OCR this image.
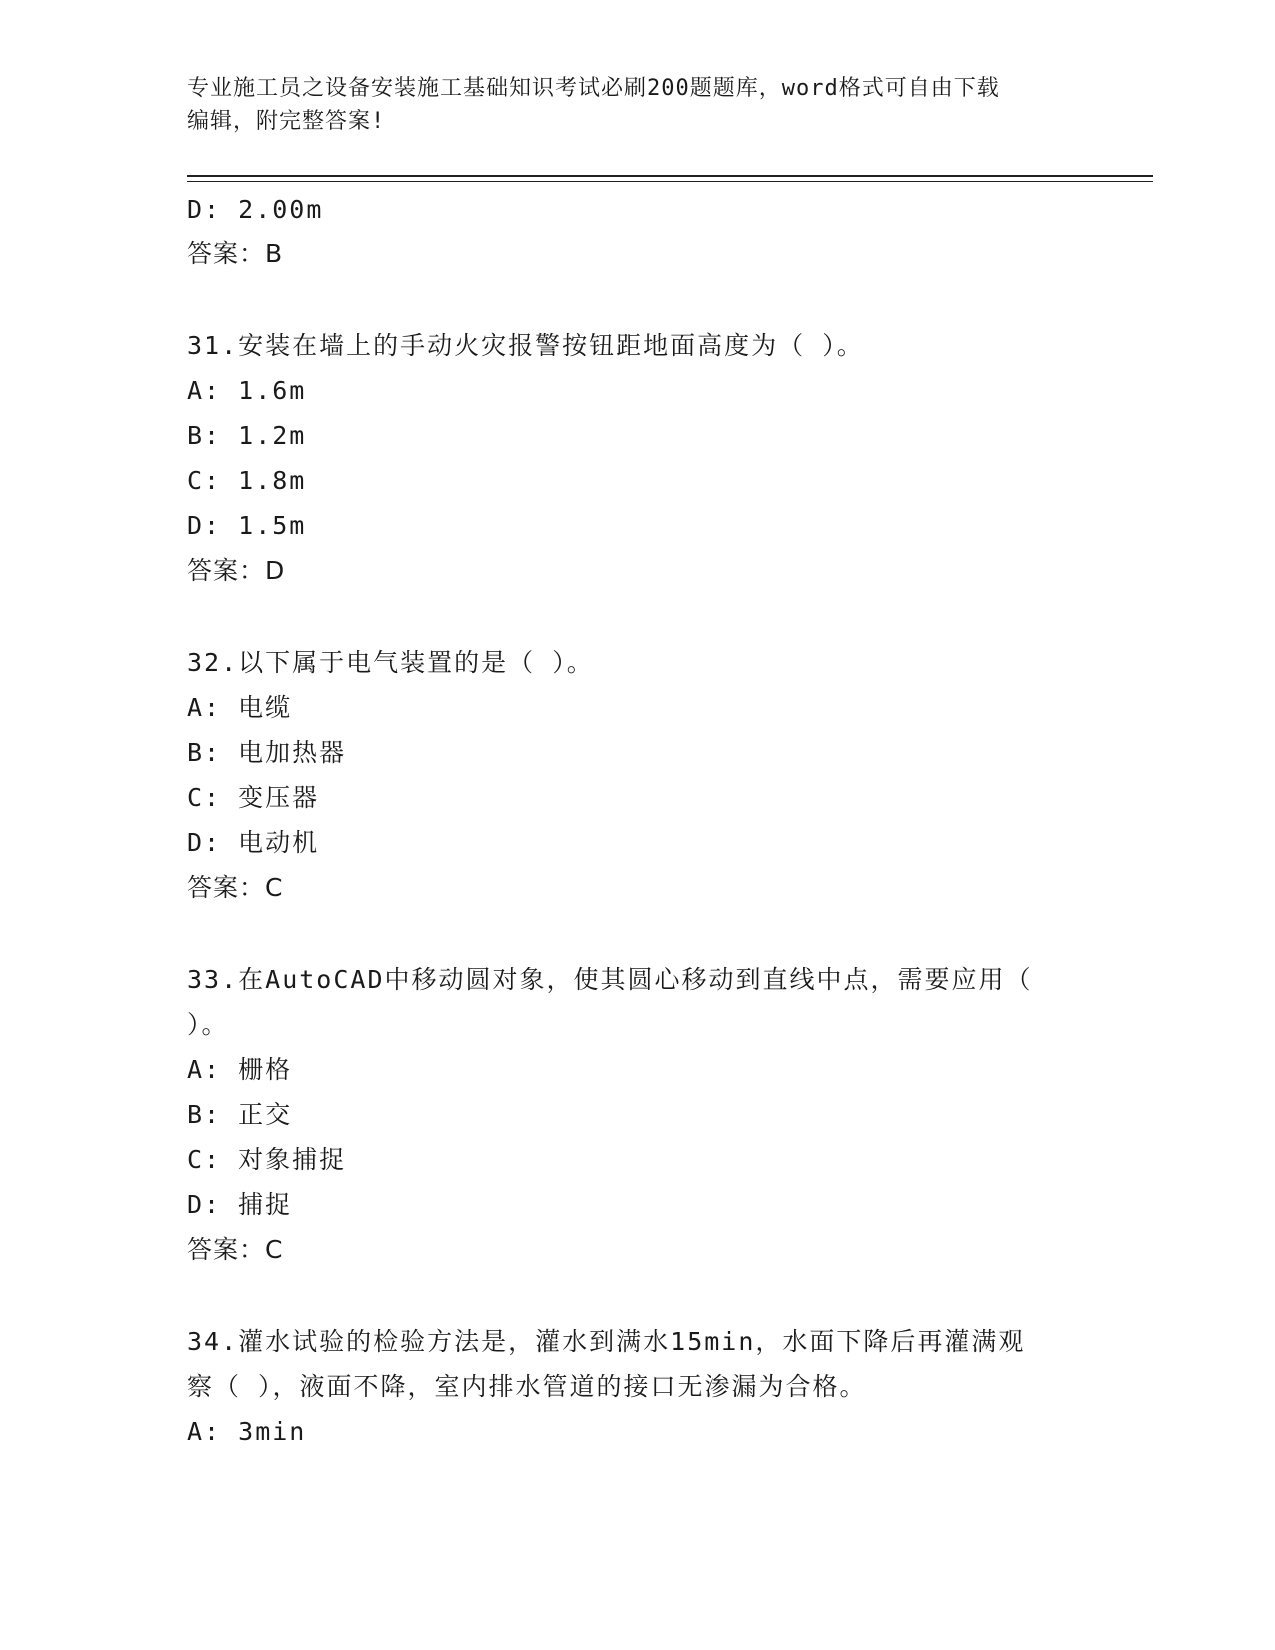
专业施工员之设备安装施工基础知识考试必刷200题题库，word格式可自由下载
编辑，附完整答案!
D: 2.00m
答案：B
31.安装在墙上的手动火灾报警按钮距地面高度为（ ）。
A: 1.6m
B: 1.2m
C: 1.8m
D: 1.5m
答案：D
32.以下属于电气装置的是（ ）。
A: 电缆
B: 电加热器
C: 变压器
D: 电动机
答案：C
33.在AutoCAD中移动圆对象，使其圆心移动到直线中点，需要应用（
）。
A: 栅格
B: 正交
C: 对象捕捉
D: 捕捉
答案：C
34.灌水试验的检验方法是，灌水到满水15min，水面下降后再灌满观
察（ ），液面不降，室内排水管道的接口无渗漏为合格。
A: 3min
